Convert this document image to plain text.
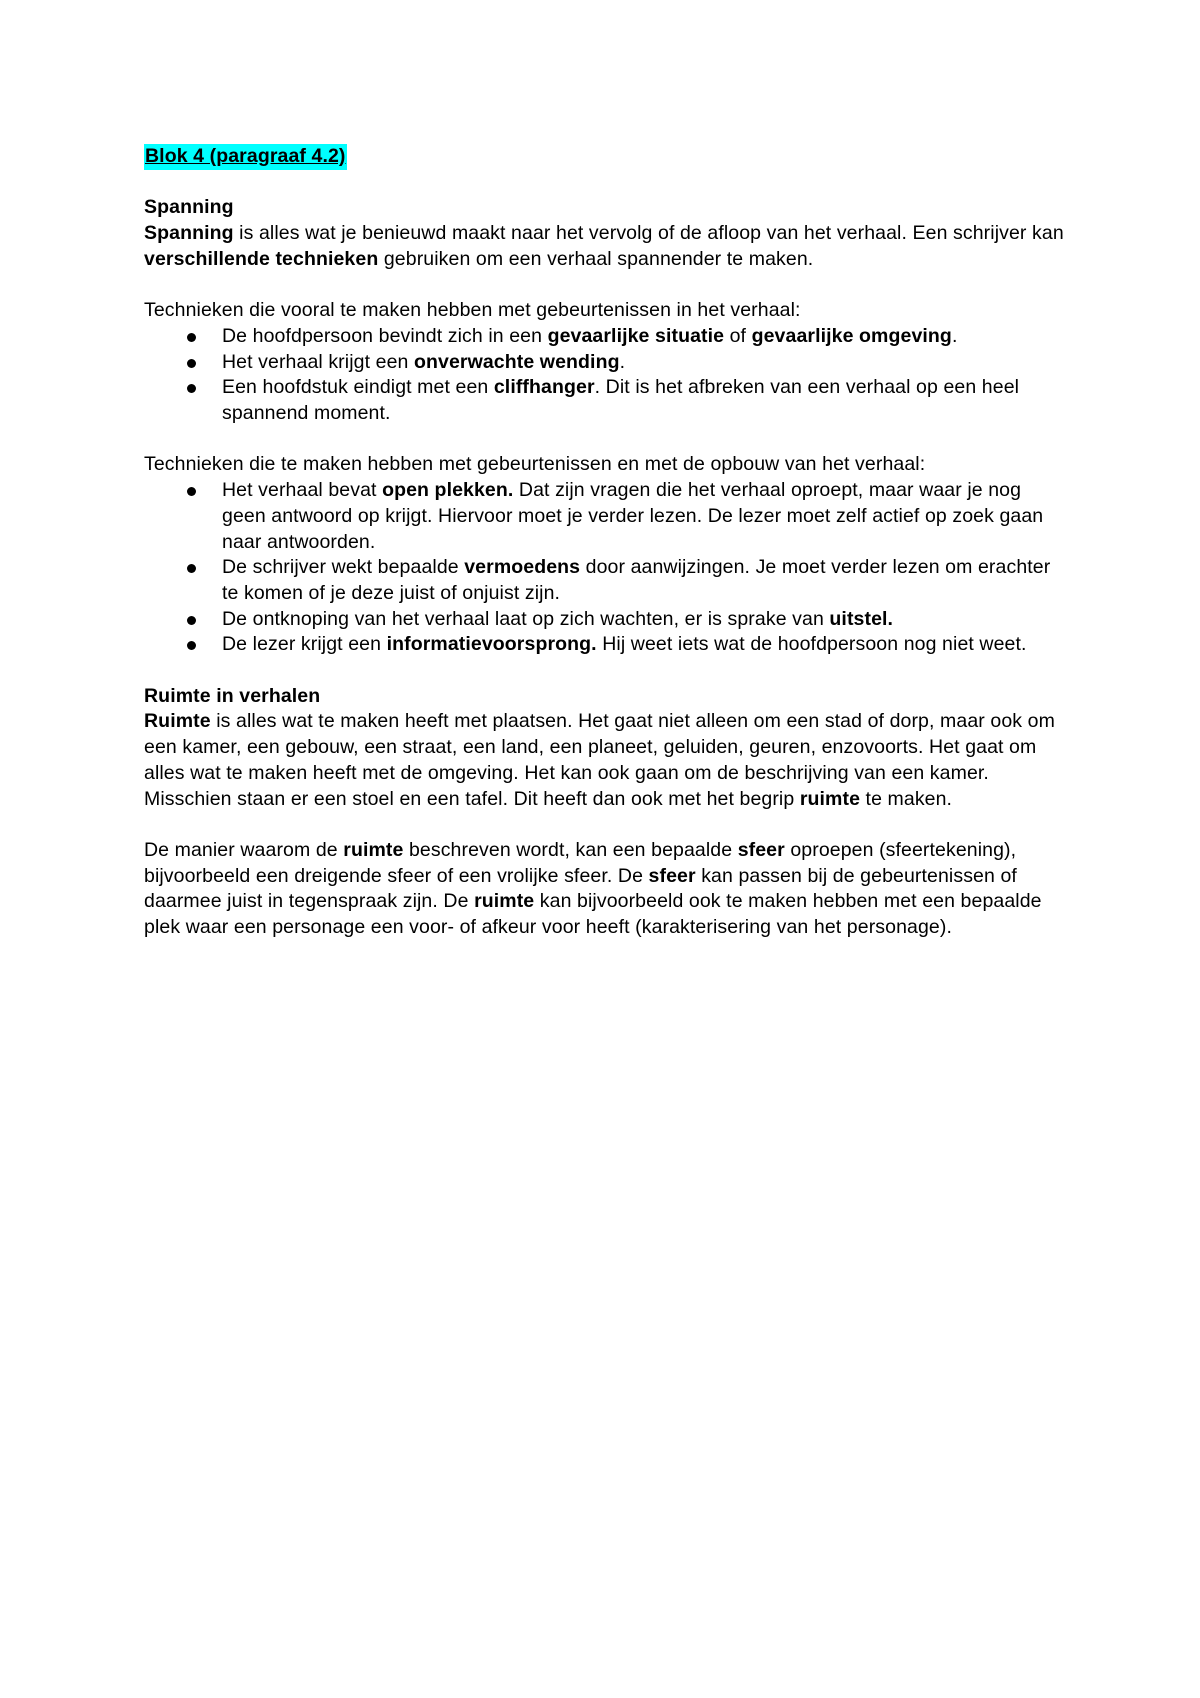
Blok 4 (paragraaf 4.2)

Spanning

Spanning is alles wat je benieuwd maakt naar het vervolg of de afloop van het verhaal. Een schrijver kan verschillende technieken gebruiken om een verhaal spannender te maken.

Technieken die vooral te maken hebben met gebeurtenissen in het verhaal:

De hoofdpersoon bevindt zich in een gevaarlijke situatie of gevaarlijke omgeving.
Het verhaal krijgt een onverwachte wending.
Een hoofdstuk eindigt met een cliffhanger. Dit is het afbreken van een verhaal op een heel spannend moment.

Technieken die te maken hebben met gebeurtenissen en met de opbouw van het verhaal:

Het verhaal bevat open plekken. Dat zijn vragen die het verhaal oproept, maar waar je nog geen antwoord op krijgt. Hiervoor moet je verder lezen. De lezer moet zelf actief op zoek gaan naar antwoorden.
De schrijver wekt bepaalde vermoedens door aanwijzingen. Je moet verder lezen om erachter te komen of je deze juist of onjuist zijn.
De ontknoping van het verhaal laat op zich wachten, er is sprake van uitstel.
De lezer krijgt een informatievoorsprong. Hij weet iets wat de hoofdpersoon nog niet weet.

Ruimte in verhalen

Ruimte is alles wat te maken heeft met plaatsen. Het gaat niet alleen om een stad of dorp, maar ook om een kamer, een gebouw, een straat, een land, een planeet, geluiden, geuren, enzovoorts. Het gaat om alles wat te maken heeft met de omgeving. Het kan ook gaan om de beschrijving van een kamer. Misschien staan er een stoel en een tafel. Dit heeft dan ook met het begrip ruimte te maken.

De manier waarom de ruimte beschreven wordt, kan een bepaalde sfeer oproepen (sfeertekening), bijvoorbeeld een dreigende sfeer of een vrolijke sfeer. De sfeer kan passen bij de gebeurtenissen of daarmee juist in tegenspraak zijn. De ruimte kan bijvoorbeeld ook te maken hebben met een bepaalde plek waar een personage een voor- of afkeur voor heeft (karakterisering van het personage).
